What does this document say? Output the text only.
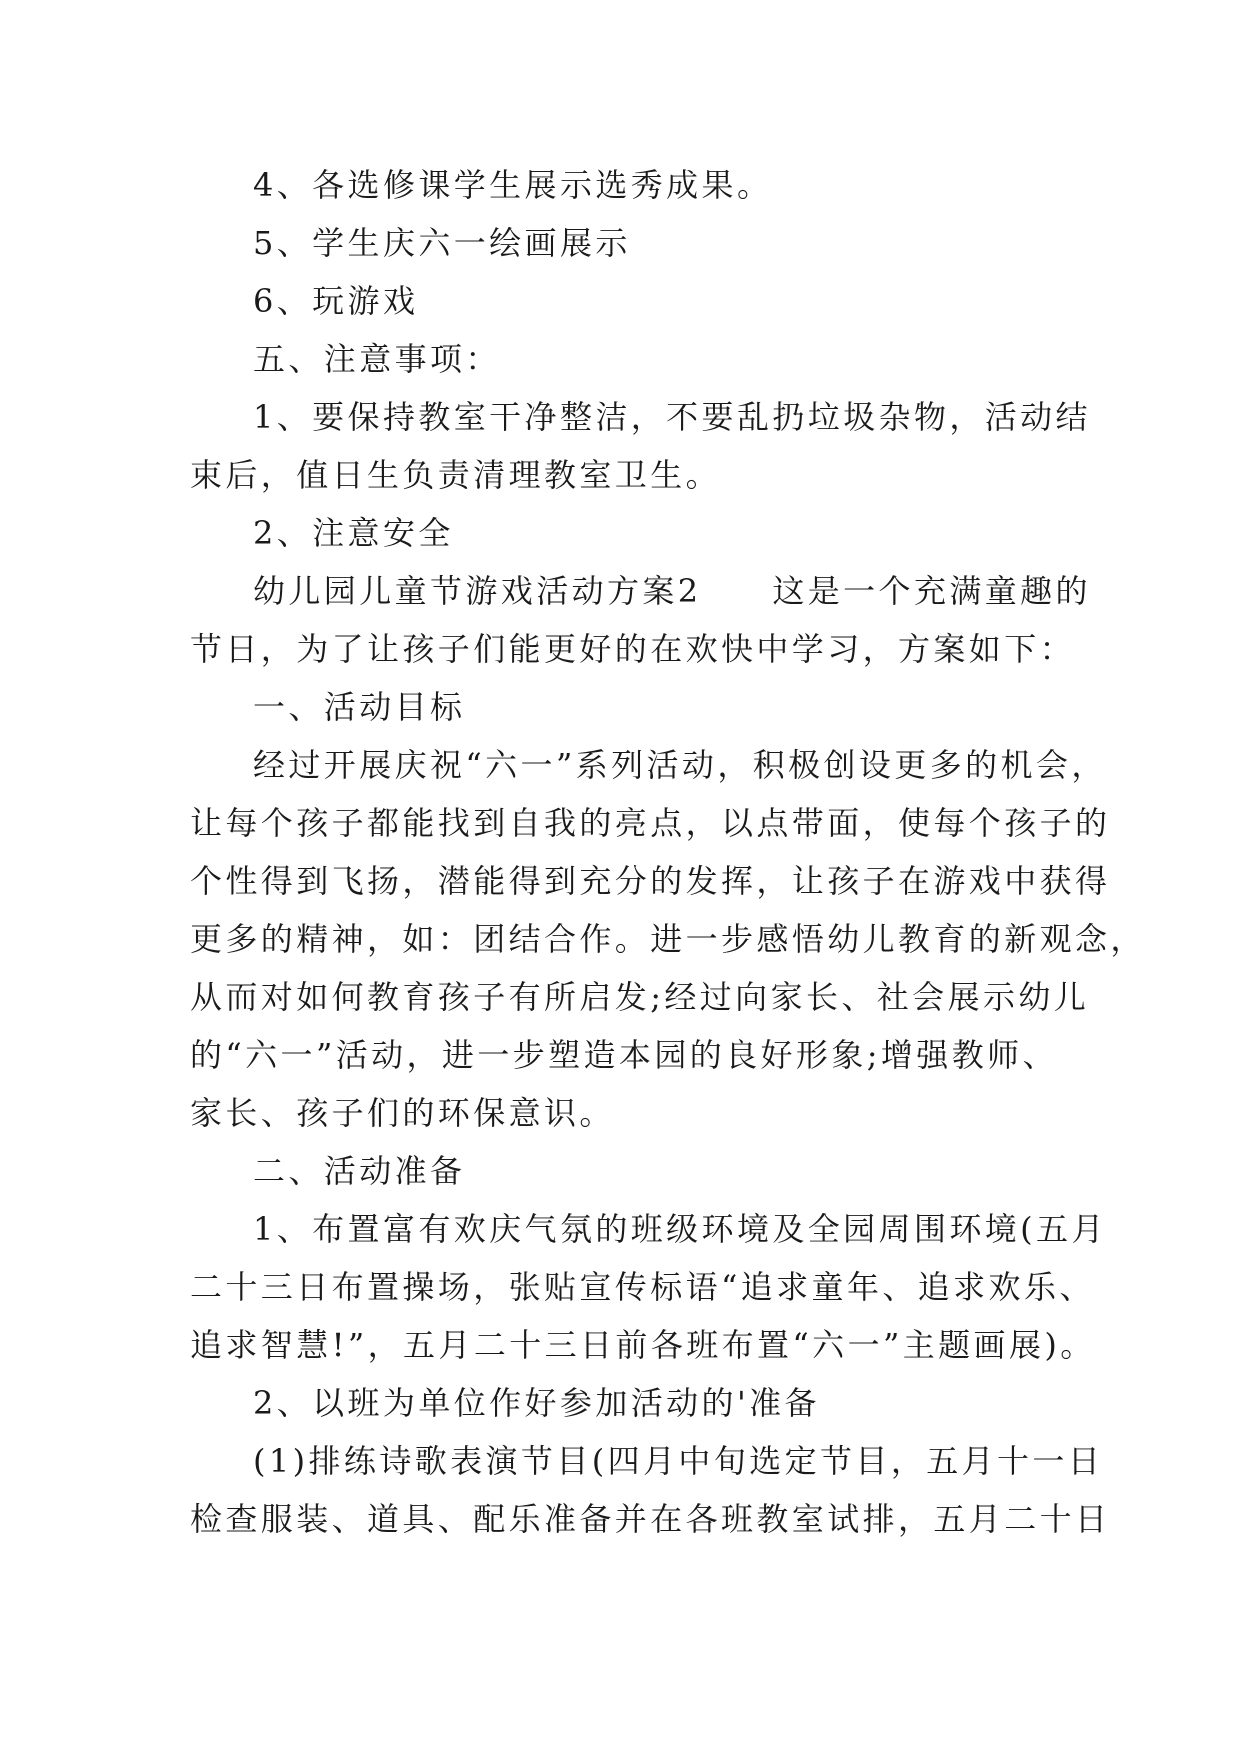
4、各选修课学生展示选秀成果。
5、学生庆六一绘画展示
6、玩游戏
五、注意事项：
1、要保持教室干净整洁，不要乱扔垃圾杂物，活动结
束后，值日生负责清理教室卫生。
2、注意安全
幼儿园儿童节游戏活动方案2　　这是一个充满童趣的
节日，为了让孩子们能更好的在欢快中学习，方案如下：
一、活动目标
经过开展庆祝“六一”系列活动，积极创设更多的机会，
让每个孩子都能找到自我的亮点，以点带面，使每个孩子的
个性得到飞扬，潜能得到充分的发挥，让孩子在游戏中获得
更多的精神，如：团结合作。进一步感悟幼儿教育的新观念，
从而对如何教育孩子有所启发;经过向家长、社会展示幼儿
的“六一”活动，进一步塑造本园的良好形象;增强教师、
家长、孩子们的环保意识。
二、活动准备
1、布置富有欢庆气氛的班级环境及全园周围环境(五月
二十三日布置操场，张贴宣传标语“追求童年、追求欢乐、
追求智慧!”，五月二十三日前各班布置“六一”主题画展)。
2、以班为单位作好参加活动的'准备
(1)排练诗歌表演节目(四月中旬选定节目，五月十一日
检查服装、道具、配乐准备并在各班教室试排，五月二十日
